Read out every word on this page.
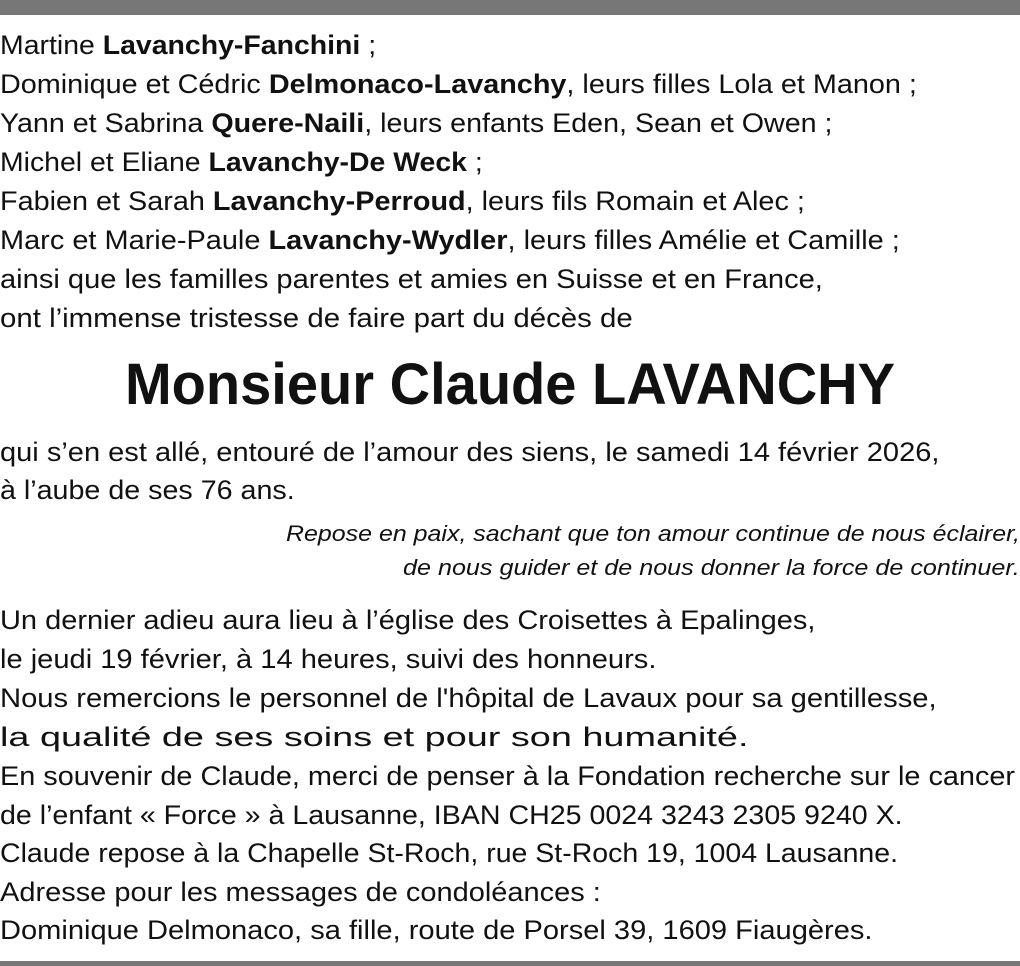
Martine Lavanchy-Fanchini ;
Dominique et Cédric Delmonaco-Lavanchy, leurs filles Lola et Manon ;
Yann et Sabrina Quere-Naili, leurs enfants Eden, Sean et Owen ;
Michel et Eliane Lavanchy-De Weck ;
Fabien et Sarah Lavanchy-Perroud, leurs fils Romain et Alec ;
Marc et Marie-Paule Lavanchy-Wydler, leurs filles Amélie et Camille ;
ainsi que les familles parentes et amies en Suisse et en France,
ont l’immense tristesse de faire part du décès de
Monsieur Claude LAVANCHY
qui s’en est allé, entouré de l’amour des siens, le samedi 14 février 2026,
à l’aube de ses 76 ans.
Repose en paix, sachant que ton amour continue de nous éclairer,
de nous guider et de nous donner la force de continuer.
Un dernier adieu aura lieu à l’église des Croisettes à Epalinges,
le jeudi 19 février, à 14 heures, suivi des honneurs.
Nous remercions le personnel de l'hôpital de Lavaux pour sa gentillesse,
la qualité de ses soins et pour son humanité.
En souvenir de Claude, merci de penser à la Fondation recherche sur le cancer
de l’enfant « Force » à Lausanne, IBAN CH25 0024 3243 2305 9240 X.
Claude repose à la Chapelle St-Roch, rue St-Roch 19, 1004 Lausanne.
Adresse pour les messages de condoléances :
Dominique Delmonaco, sa fille, route de Porsel 39, 1609 Fiaugères.
